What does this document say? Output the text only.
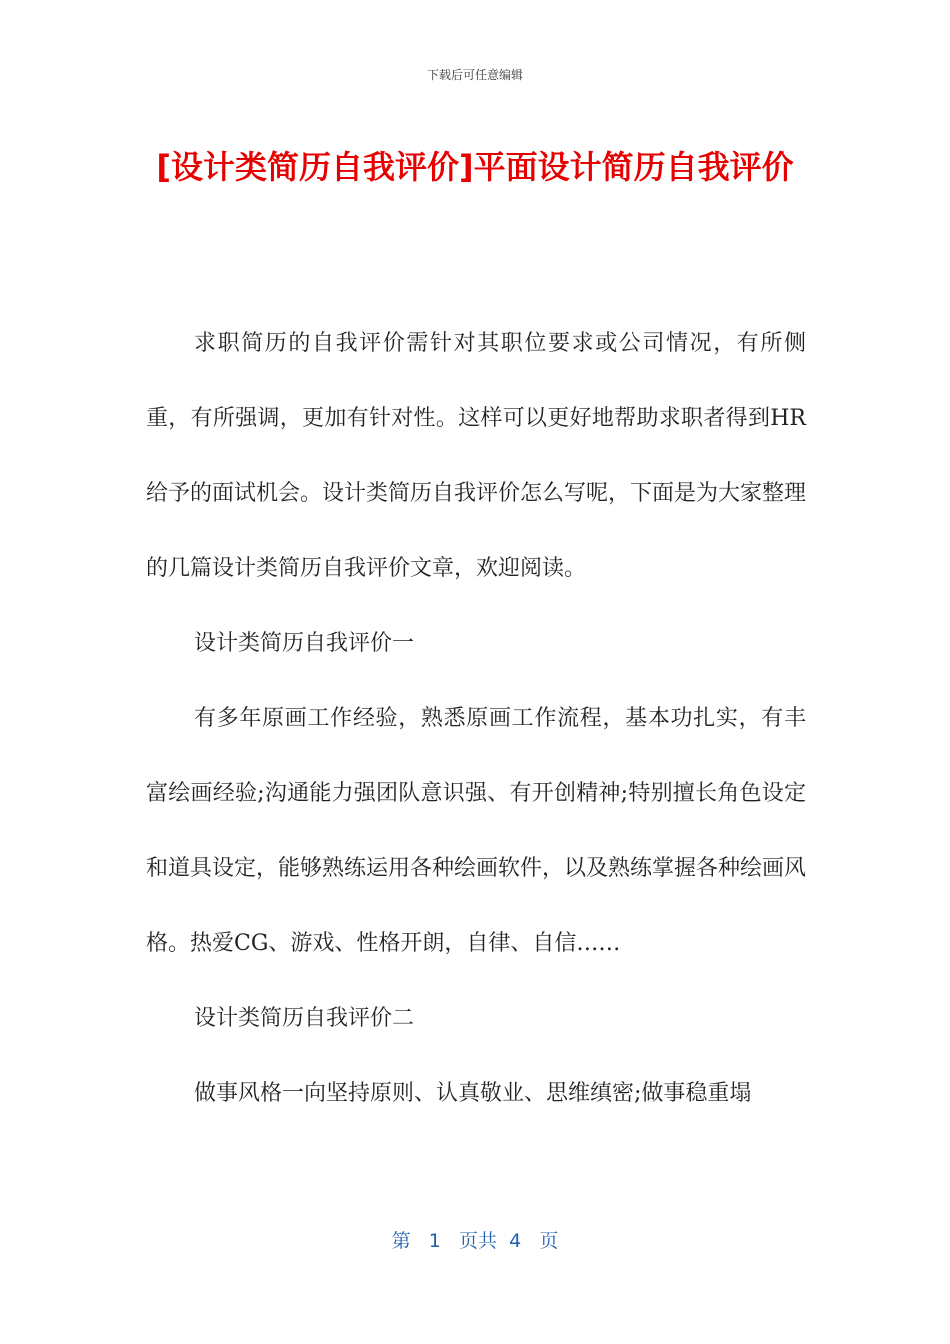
下载后可任意编辑
[设计类简历自我评价]平面设计简历自我评价

求职简历的自我评价需针对其职位要求或公司情况，有所侧重，有所强调，更加有针对性。这样可以更好地帮助求职者得到HR给予的面试机会。设计类简历自我评价怎么写呢，下面是为大家整理的几篇设计类简历自我评价文章，欢迎阅读。

设计类简历自我评价一

有多年原画工作经验，熟悉原画工作流程，基本功扎实，有丰富绘画经验;沟通能力强团队意识强、有开创精神;特别擅长角色设定和道具设定，能够熟练运用各种绘画软件，以及熟练掌握各种绘画风格。热爱CG、游戏、性格开朗，自律、自信……

设计类简历自我评价二

做事风格一向坚持原则、认真敬业、思维缜密;做事稳重塌

第 1 页共 4 页
